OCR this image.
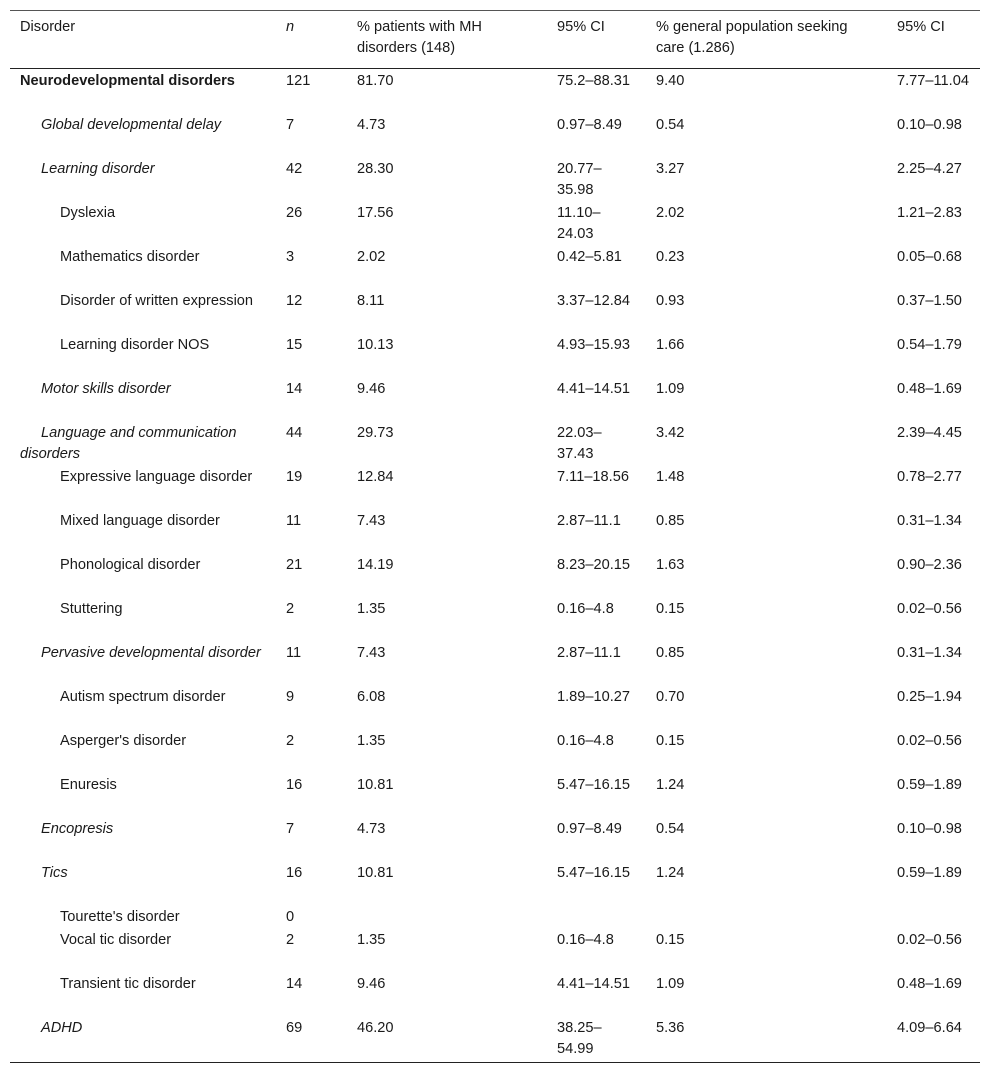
Disorder	n	% patients with MH disorders (148)	95% CI	% general population seeking care (1.286)	95% CI
Neurodevelopmental disorders	121	81.70	75.2–88.31	9.40	7.77–11.04
Global developmental delay	7	4.73	0.97–8.49	0.54	0.10–0.98
Learning disorder	42	28.30	20.77–35.98	3.27	2.25–4.27
Dyslexia	26	17.56	11.10–24.03	2.02	1.21–2.83
Mathematics disorder	3	2.02	0.42–5.81	0.23	0.05–0.68
Disorder of written expression	12	8.11	3.37–12.84	0.93	0.37–1.50
Learning disorder NOS	15	10.13	4.93–15.93	1.66	0.54–1.79
Motor skills disorder	14	9.46	4.41–14.51	1.09	0.48–1.69
Language and communication disorders	44	29.73	22.03–37.43	3.42	2.39–4.45
Expressive language disorder	19	12.84	7.11–18.56	1.48	0.78–2.77
Mixed language disorder	11	7.43	2.87–11.1	0.85	0.31–1.34
Phonological disorder	21	14.19	8.23–20.15	1.63	0.90–2.36
Stuttering	2	1.35	0.16–4.8	0.15	0.02–0.56
Pervasive developmental disorder	11	7.43	2.87–11.1	0.85	0.31–1.34
Autism spectrum disorder	9	6.08	1.89–10.27	0.70	0.25–1.94
Asperger's disorder	2	1.35	0.16–4.8	0.15	0.02–0.56
Enuresis	16	10.81	5.47–16.15	1.24	0.59–1.89
Encopresis	7	4.73	0.97–8.49	0.54	0.10–0.98
Tics	16	10.81	5.47–16.15	1.24	0.59–1.89
Tourette's disorder	0				
Vocal tic disorder	2	1.35	0.16–4.8	0.15	0.02–0.56
Transient tic disorder	14	9.46	4.41–14.51	1.09	0.48–1.69
ADHD	69	46.20	38.25–54.99	5.36	4.09–6.64
